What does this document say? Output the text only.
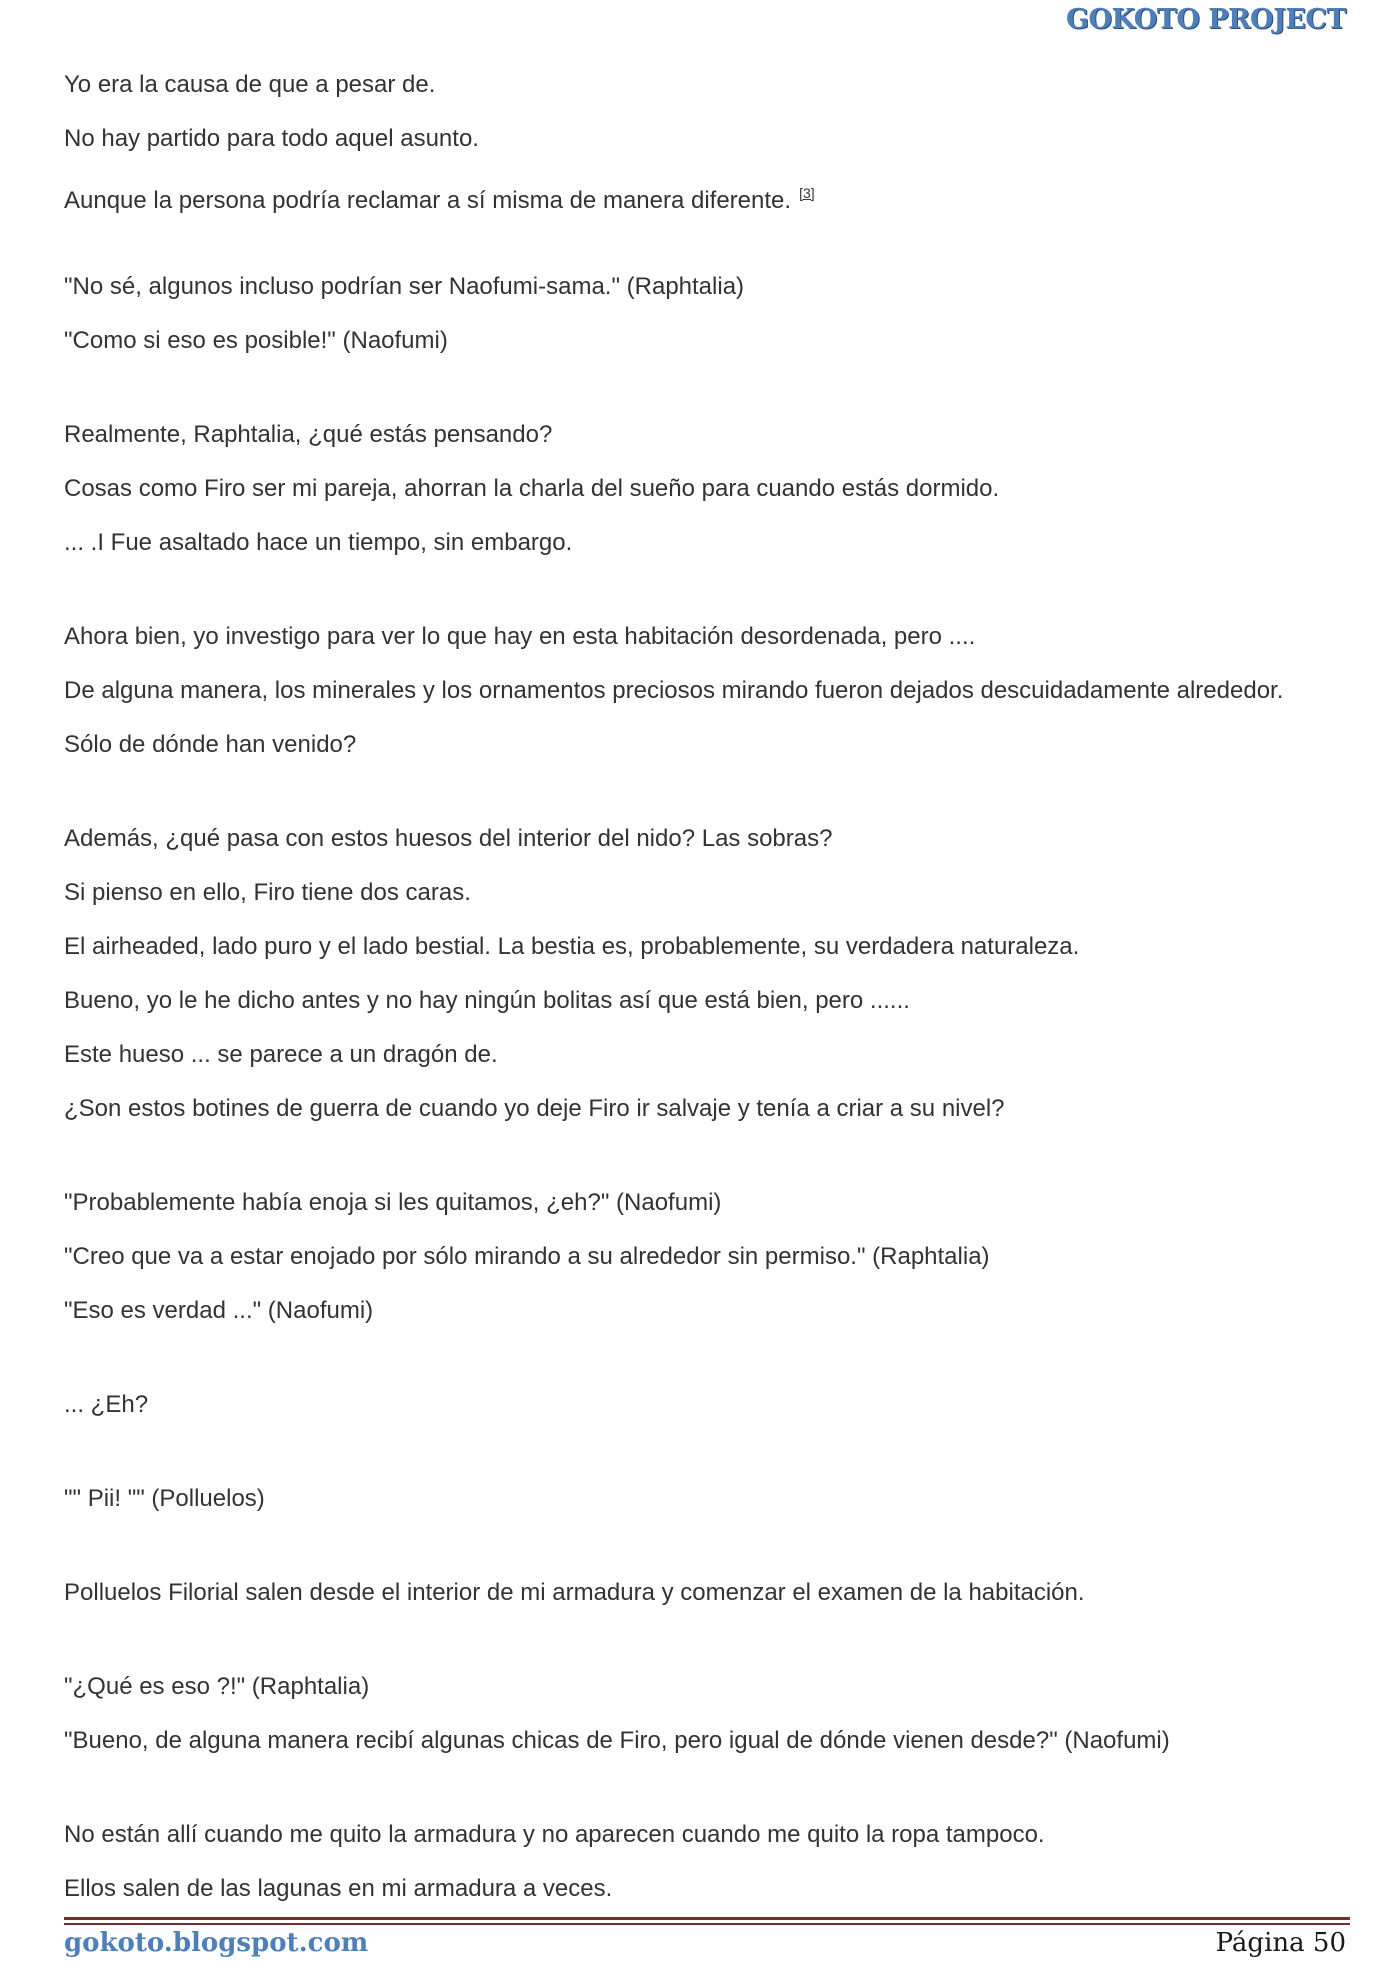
GOKOTO PROJECT
Yo era la causa de que a pesar de.
No hay partido para todo aquel asunto.
Aunque la persona podría reclamar a sí misma de manera diferente. [3]
"No sé, algunos incluso podrían ser Naofumi-sama." (Raphtalia)
"Como si eso es posible!" (Naofumi)
Realmente, Raphtalia, ¿qué estás pensando?
Cosas como Firo ser mi pareja, ahorran la charla del sueño para cuando estás dormido.
... .I Fue asaltado hace un tiempo, sin embargo.
Ahora bien, yo investigo para ver lo que hay en esta habitación desordenada, pero ....
De alguna manera, los minerales y los ornamentos preciosos mirando fueron dejados descuidadamente alrededor.
Sólo de dónde han venido?
Además, ¿qué pasa con estos huesos del interior del nido? Las sobras?
Si pienso en ello, Firo tiene dos caras.
El airheaded, lado puro y el lado bestial. La bestia es, probablemente, su verdadera naturaleza.
Bueno, yo le he dicho antes y no hay ningún bolitas así que está bien, pero ......
Este hueso ... se parece a un dragón de.
¿Son estos botines de guerra de cuando yo deje Firo ir salvaje y tenía a criar a su nivel?
"Probablemente había enoja si les quitamos, ¿eh?" (Naofumi)
"Creo que va a estar enojado por sólo mirando a su alrededor sin permiso." (Raphtalia)
"Eso es verdad ..." (Naofumi)
... ¿Eh?
"" Pii! "" (Polluelos)
Polluelos Filorial salen desde el interior de mi armadura y comenzar el examen de la habitación.
"¿Qué es eso ?!" (Raphtalia)
"Bueno, de alguna manera recibí algunas chicas de Firo, pero igual de dónde vienen desde?" (Naofumi)
No están allí cuando me quito la armadura y no aparecen cuando me quito la ropa tampoco.
Ellos salen de las lagunas en mi armadura a veces.
gokoto.blogspot.com	Página 50
